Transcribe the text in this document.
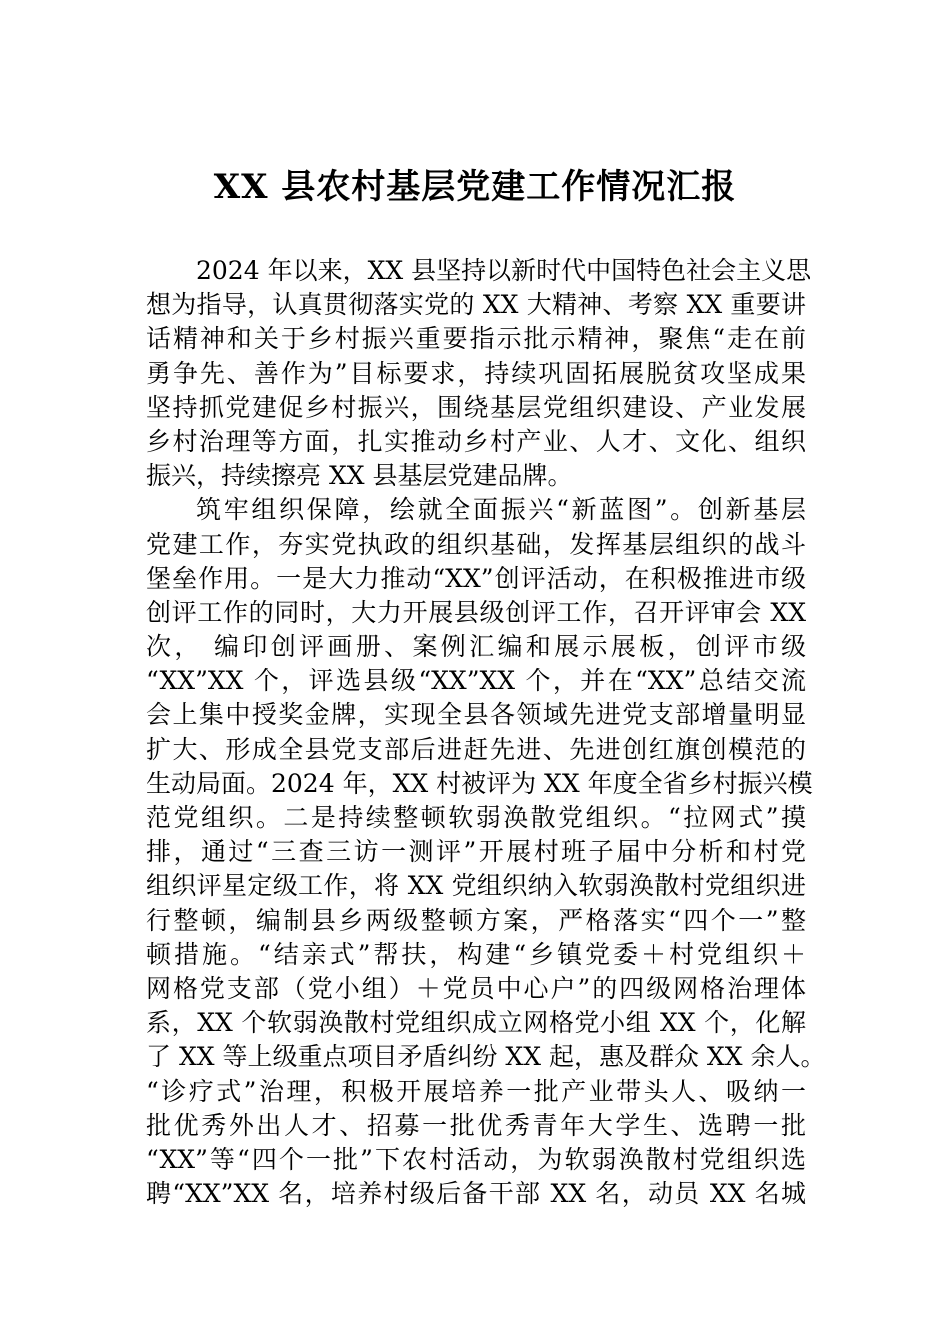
XX 县农村基层党建工作情况汇报
2024 年以来，XX 县坚持以新时代中国特色社会主义思
想为指导，认真贯彻落实党的 XX 大精神、考察 XX 重要讲
话精神和关于乡村振兴重要指示批示精神，聚焦“走在前
勇争先、善作为”目标要求，持续巩固拓展脱贫攻坚成果
坚持抓党建促乡村振兴，围绕基层党组织建设、产业发展
乡村治理等方面，扎实推动乡村产业、人才、文化、组织
振兴，持续擦亮 XX 县基层党建品牌。
筑牢组织保障，绘就全面振兴“新蓝图”。创新基层
党建工作，夯实党执政的组织基础，发挥基层组织的战斗
堡垒作用。一是大力推动“XX”创评活动，在积极推进市级
创评工作的同时，大力开展县级创评工作，召开评审会 XX
次， 编印创评画册、案例汇编和展示展板，创评市级
“XX”XX 个，评选县级“XX”XX 个，并在“XX”总结交流
会上集中授奖金牌，实现全县各领域先进党支部增量明显
扩大、形成全县党支部后进赶先进、先进创红旗创模范的
生动局面。2024 年，XX 村被评为 XX 年度全省乡村振兴模
范党组织。二是持续整顿软弱涣散党组织。“拉网式”摸
排，通过“三查三访一测评”开展村班子届中分析和村党
组织评星定级工作，将 XX 党组织纳入软弱涣散村党组织进
行整顿，编制县乡两级整顿方案，严格落实“四个一”整
顿措施。“结亲式”帮扶，构建“乡镇党委＋村党组织＋
网格党支部（党小组）＋党员中心户”的四级网格治理体
系，XX 个软弱涣散村党组织成立网格党小组 XX 个，化解
了 XX 等上级重点项目矛盾纠纷 XX 起，惠及群众 XX 余人。
“诊疗式”治理，积极开展培养一批产业带头人、吸纳一
批优秀外出人才、招募一批优秀青年大学生、选聘一批
“XX”等“四个一批”下农村活动，为软弱涣散村党组织选
聘“XX”XX 名，培养村级后备干部 XX 名，动员 XX 名城
